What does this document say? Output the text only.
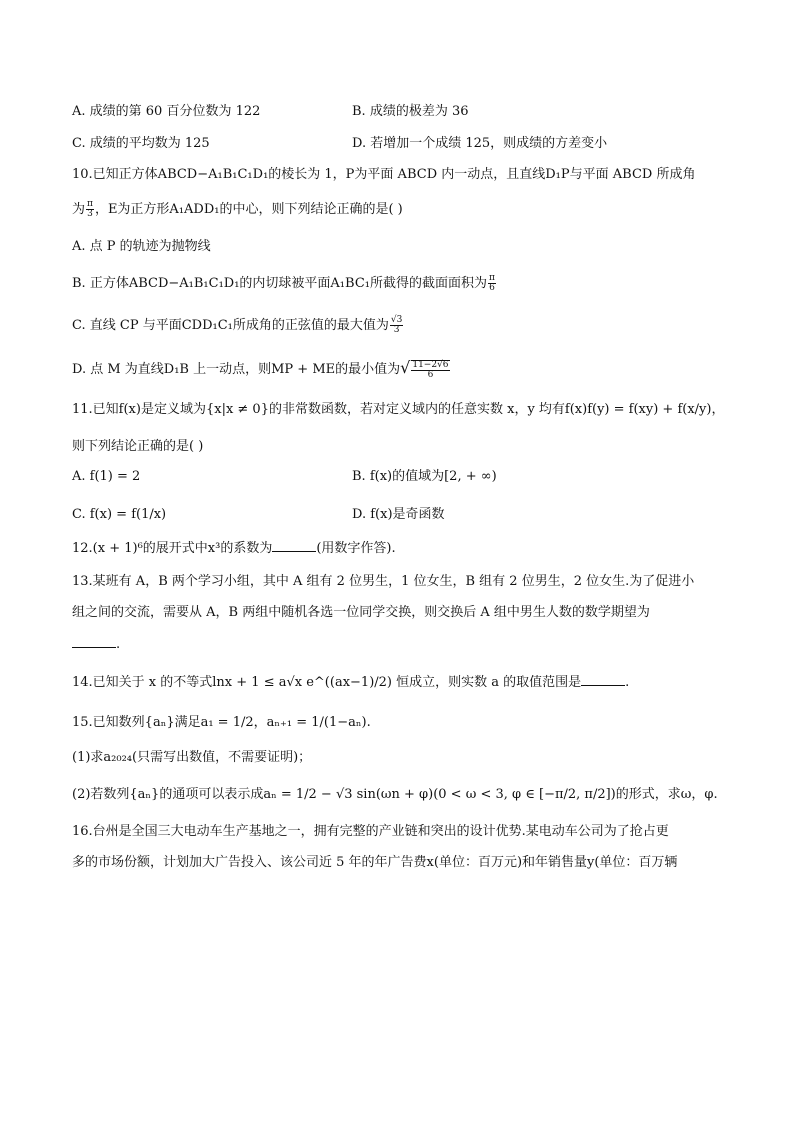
A. 成绩的第 60 百分位数为 122	B. 成绩的极差为 36
C. 成绩的平均数为 125	D. 若增加一个成绩 125，则成绩的方差变小
10.已知正方体ABCD−A₁B₁C₁D₁的棱长为 1，P为平面 ABCD 内一动点，且直线D₁P与平面 ABCD 所成角
为 $\frac{\pi}{3}$ ，E为正方形A₁ADD₁的中心，则下列结论正确的是( )
A. 点 P 的轨迹为抛物线
B. 正方体ABCD−A₁B₁C₁D₁的内切球被平面A₁BC₁所截得的截面面积为 $\frac{\pi}{6}$
C. 直线 CP 与平面CDD₁C₁所成角的正弦值的最大值为 $\frac{√3}{3}$
D. 点 M 为直线D₁B 上一动点，则MP + ME的最小值为√ $\frac{11-2√6}{6}$
11.已知f(x)是定义域为{x|x ≠ 0}的非常数函数，若对定义域内的任意实数 x，y 均有f(x)f(y) = f(xy) + f(x/y)，
则下列结论正确的是( )
A. f(1) = 2	B. f(x)的值域为[2, + ∞)
C. f(x) = f(1/x)	D. f(x)是奇函数
12.(x + 1)⁶的展开式中x³的系数为	(用数字作答).
13.某班有 A，B 两个学习小组，其中 A 组有 2 位男生，1 位女生，B 组有 2 位男生，2 位女生.为了促进小
组之间的交流，需要从 A，B 两组中随机各选一位同学交换，则交换后 A 组中男生人数的数学期望为
.
14.已知关于 x 的不等式lnx + 1 ≤ a√x e^((ax−1)/2) 恒成立，则实数 a 的取值范围是	.
15.已知数列{aₙ}满足a₁ = 1/2，aₙ₊₁ = 1/(1−aₙ).
(1)求a₂₀₂₄(只需写出数值，不需要证明)；
(2)若数列{aₙ}的通项可以表示成aₙ = 1/2 − √3 sin(ωn + φ)(0 < ω < 3, φ ∈ [−π/2, π/2])的形式，求ω，φ.
16.台州是全国三大电动车生产基地之一，拥有完整的产业链和突出的设计优势.某电动车公司为了抢占更
多的市场份额，计划加大广告投入、该公司近 5 年的年广告费x(单位：百万元)和年销售量y(单位：百万辆
